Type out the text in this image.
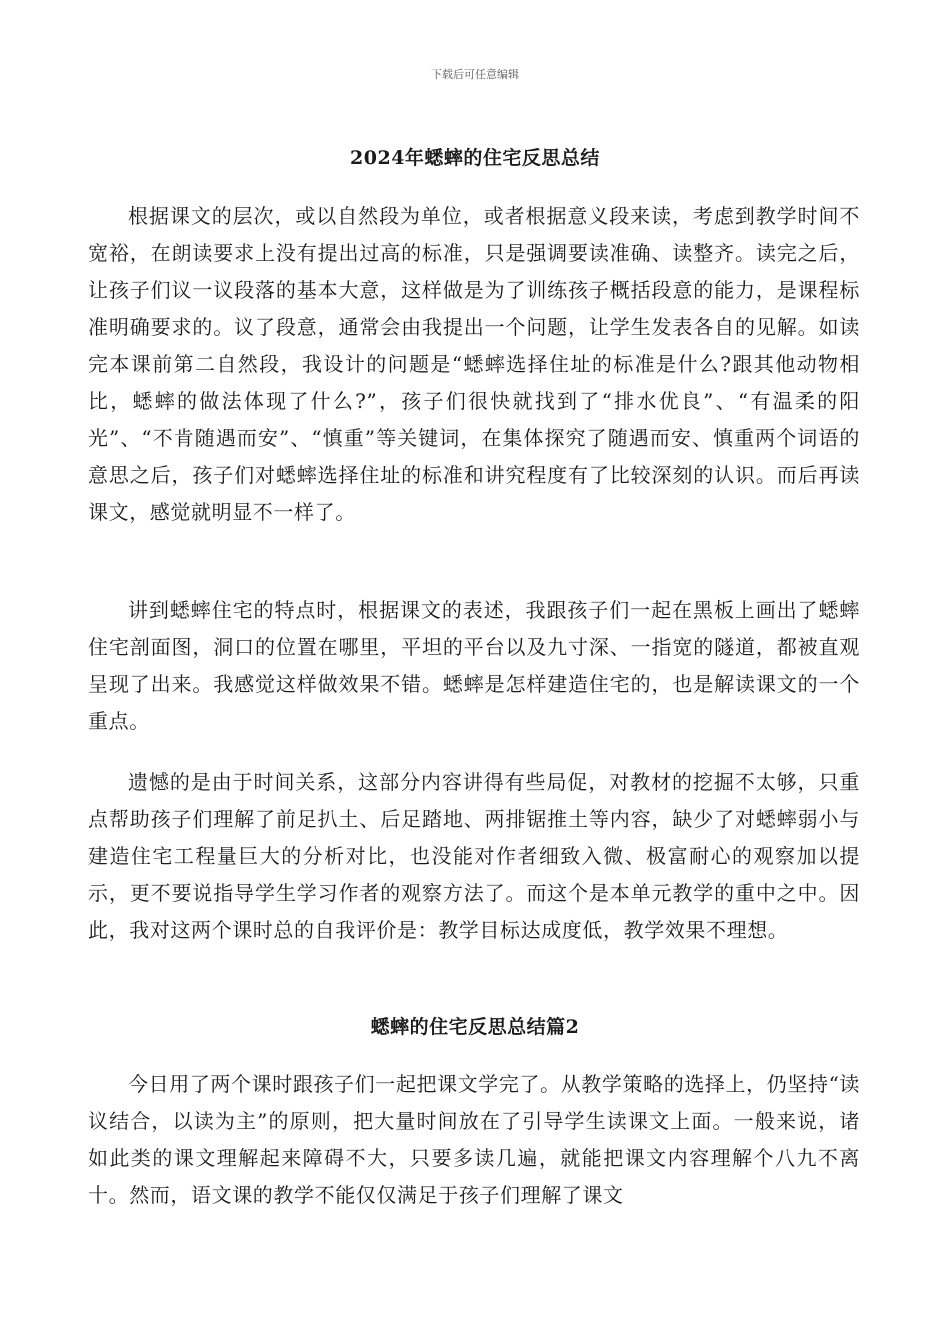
下载后可任意编辑
2024年蟋蟀的住宅反思总结

根据课文的层次，或以自然段为单位，或者根据意义段来读，考虑到教学时间不宽裕，在朗读要求上没有提出过高的标准，只是强调要读准确、读整齐。读完之后，让孩子们议一议段落的基本大意，这样做是为了训练孩子概括段意的能力，是课程标准明确要求的。议了段意，通常会由我提出一个问题，让学生发表各自的见解。如读完本课前第二自然段，我设计的问题是“蟋蟀选择住址的标准是什么?跟其他动物相比，蟋蟀的做法体现了什么?”，孩子们很快就找到了“排水优良”、“有温柔的阳光”、“不肯随遇而安”、“慎重”等关键词，在集体探究了随遇而安、慎重两个词语的意思之后，孩子们对蟋蟀选择住址的标准和讲究程度有了比较深刻的认识。而后再读课文，感觉就明显不一样了。

讲到蟋蟀住宅的特点时，根据课文的表述，我跟孩子们一起在黑板上画出了蟋蟀住宅剖面图，洞口的位置在哪里，平坦的平台以及九寸深、一指宽的隧道，都被直观呈现了出来。我感觉这样做效果不错。蟋蟀是怎样建造住宅的，也是解读课文的一个重点。

遗憾的是由于时间关系，这部分内容讲得有些局促，对教材的挖掘不太够，只重点帮助孩子们理解了前足扒土、后足踏地、两排锯推土等内容，缺少了对蟋蟀弱小与建造住宅工程量巨大的分析对比，也没能对作者细致入微、极富耐心的观察加以提示，更不要说指导学生学习作者的观察方法了。而这个是本单元教学的重中之中。因此，我对这两个课时总的自我评价是：教学目标达成度低，教学效果不理想。

蟋蟀的住宅反思总结篇2

今日用了两个课时跟孩子们一起把课文学完了。从教学策略的选择上，仍坚持“读议结合，以读为主”的原则，把大量时间放在了引导学生读课文上面。一般来说，诸如此类的课文理解起来障碍不大，只要多读几遍，就能把课文内容理解个八九不离十。然而，语文课的教学不能仅仅满足于孩子们理解了课文
